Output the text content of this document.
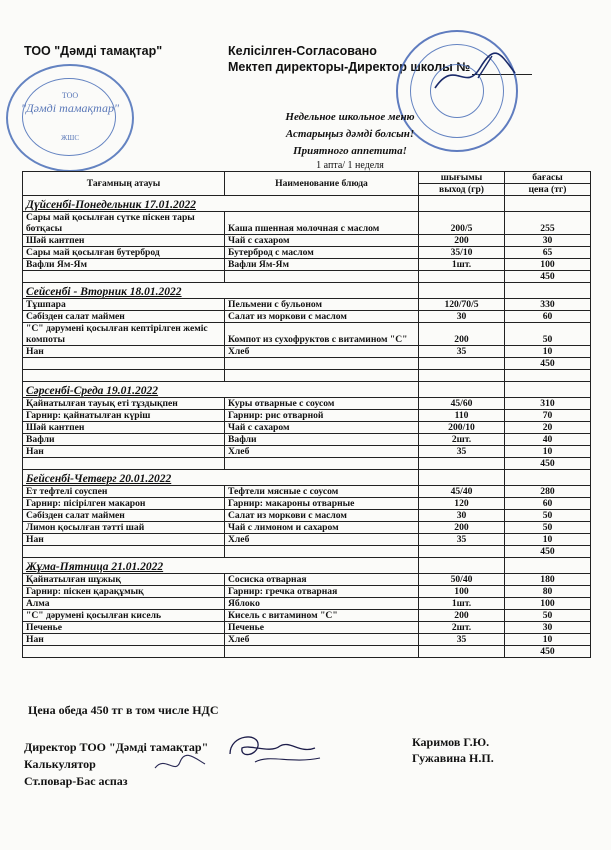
ТОО "Дәмді тамақтар"	Келісілген-Согласовано
Мектеп директоры-Директор школы №
ТОО
"Дәмді тамақтар"
ЖШС
Недельное школьное меню
Астарыңыз дәмді болсын!
Приятного аппетита!
1 апта/ 1 неделя
Тағамның атауы	Наименование блюда	шығымы	бағасы
		выход (гр)	цена (тг)
Дүйсенбі-Понедельник 17.01.2022			
Сары май қосылған сүтке піскен тары ботқасы	Каша пшенная молочная с маслом	200/5	255
Шәй кантпен	Чай с сахаром	200	30
Сары май қосылған бутерброд	Бутерброд с маслом	35/10	65
Вафли Ям-Ям	Вафли Ям-Ям	1шт.	100
			450
Сейсенбі - Вторник 18.01.2022			
Тұшпара	Пельмени с бульоном	120/70/5	330
Сәбізден салат маймен	Салат из моркови с маслом	30	60
"С" дәрумені қосылған кептірілген жеміс компоты	Компот из сухофруктов с витамином "С"	200	50
Нан	Хлеб	35	10
			450

Сәрсенбі-Среда 19.01.2022			
Қайнатылған тауық еті тұздықпен	Куры отварные с соусом	45/60	310
Гарнир: қайнатылған күріш	Гарнир: рис отварной	110	70
Шәй кантпен	Чай с сахаром	200/10	20
Вафли	Вафли	2шт.	40
Нан	Хлеб	35	10
			450
Бейсенбі-Четверг 20.01.2022			
Ет тефтелі соуспен	Тефтели мясные с соусом	45/40	280
Гарнир: пісірілген макарон	Гарнир: макароны отварные	120	60
Сәбізден салат маймен	Салат из моркови с маслом	30	50
Лимон қосылған тәтті шай	Чай с лимоном и сахаром	200	50
Нан	Хлеб	35	10
			450
Жұма-Пятница 21.01.2022			
Қайнатылған шұжық	Сосиска отварная	50/40	180
Гарнир: піскен қарақұмық	Гарнир: гречка отварная	100	80
Алма	Яблоко	1шт.	100
"С" дәрумені қосылған кисель	Кисель с витамином "С"	200	50
Печенье	Печенье	2шт.	30
Нан	Хлеб	35	10
			450
Цена обеда 450 тг в том числе НДС
Директор ТОО "Дәмді тамақтар"
Калькулятор
Ст.повар-Бас аспаз
Каримов Г.Ю.
Гужавина Н.П.
